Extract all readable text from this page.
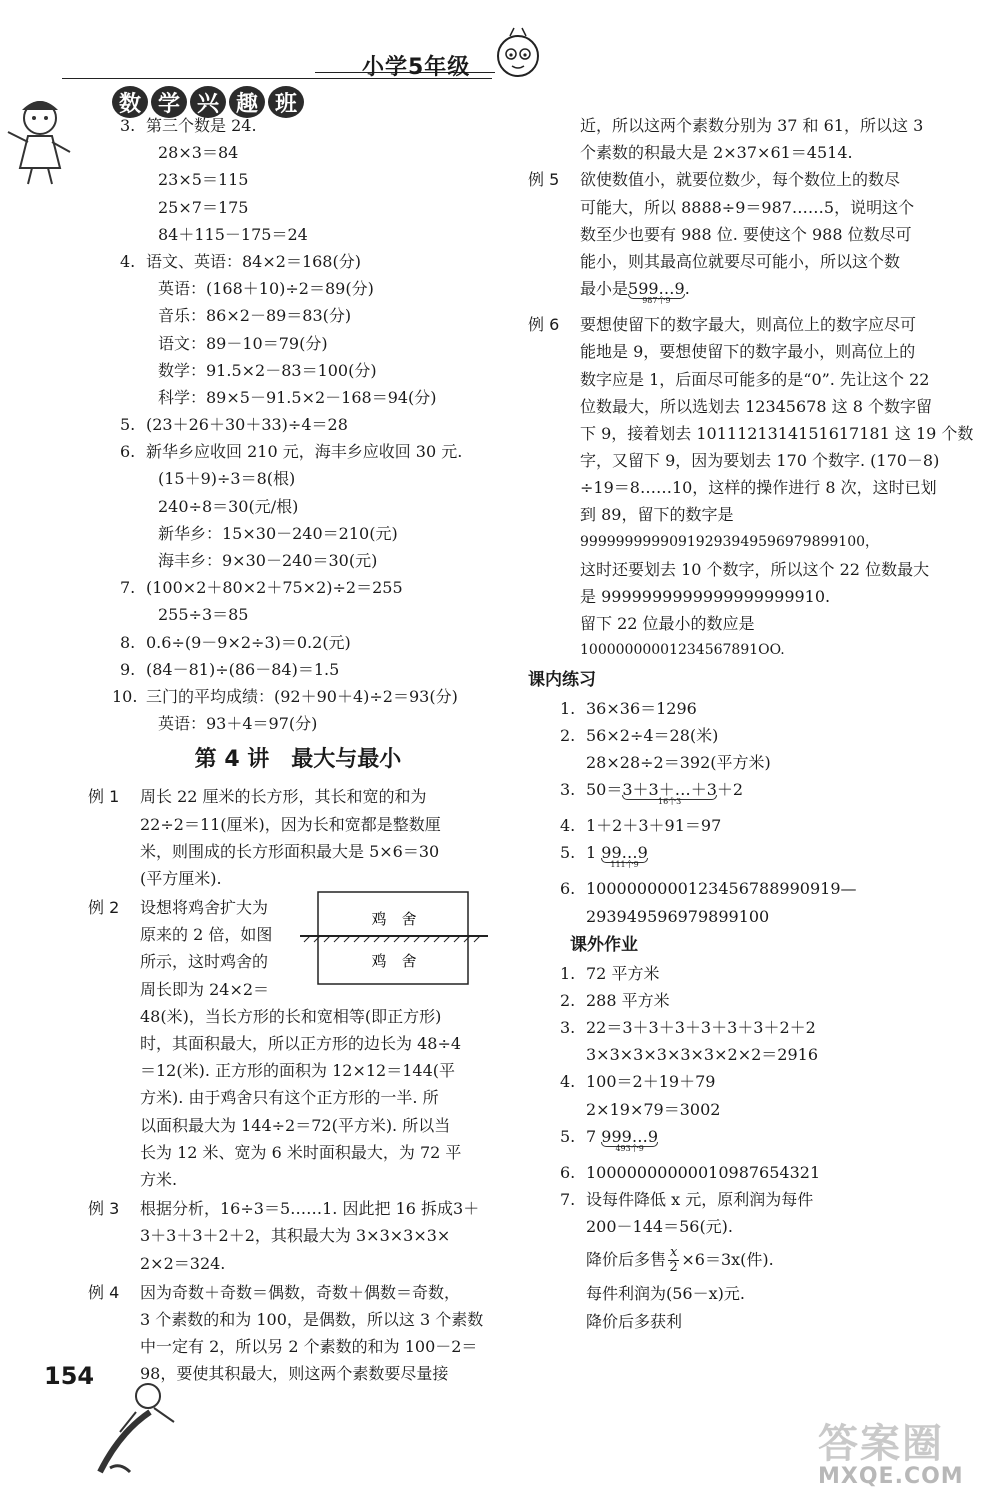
小学5年级
数 学 兴 趣 班
3. 第三个数是 24.
28×3＝84
23×5＝115
25×7＝175
84＋115－175＝24
4. 语文、英语：84×2＝168(分)
英语：(168＋10)÷2＝89(分)
音乐：86×2－89＝83(分)
语文：89－10＝79(分)
数学：91.5×2－83＝100(分)
科学：89×5－91.5×2－168＝94(分)
5. (23＋26＋30＋33)÷4＝28
6. 新华乡应收回 210 元，海丰乡应收回 30 元.
(15＋9)÷3＝8(根)
240÷8＝30(元/根)
新华乡：15×30－240＝210(元)
海丰乡：9×30－240＝30(元)
7. (100×2＋80×2＋75×2)÷2＝255
255÷3＝85
8. 0.6÷(9－9×2÷3)＝0.2(元)
9. (84－81)÷(86－84)＝1.5
10. 三门的平均成绩：(92＋90＋4)÷2＝93(分)
英语：93＋4＝97(分)
第 4 讲　最大与最小
例 1 周长 22 厘米的长方形，其长和宽的和为
22÷2＝11(厘米)，因为长和宽都是整数厘
米，则围成的长方形面积最大是 5×6＝30
(平方厘米).
例 2 设想将鸡舍扩大为
原来的 2 倍，如图
所示，这时鸡舍的
周长即为 24×2＝
48(米)，当长方形的长和宽相等(即正方形)
时，其面积最大，所以正方形的边长为 48÷4
＝12(米). 正方形的面积为 12×12＝144(平
方米). 由于鸡舍只有这个正方形的一半. 所
以面积最大为 144÷2＝72(平方米). 所以当
长为 12 米、宽为 6 米时面积最大，为 72 平
方米.
例 3 根据分析，16÷3＝5……1. 因此把 16 拆成3＋
3＋3＋3＋2＋2，其积最大为 3×3×3×3×
2×2＝324.
例 4 因为奇数＋奇数＝偶数，奇数＋偶数＝奇数，
3 个素数的和为 100，是偶数，所以这 3 个素数
中一定有 2，所以另 2 个素数的和为 100－2＝
98，要使其积最大，则这两个素数要尽量接
鸡　舍
鸡　舍
近，所以这两个素数分别为 37 和 61，所以这 3
个素数的积最大是 2×37×61＝4514.
例 5 欲使数值小，就要位数少，每个数位上的数尽
可能大，所以 8888÷9＝987……5，说明这个
数至少也要有 988 位. 要使这个 988 位数尽可
能小，则其最高位就要尽可能小，所以这个数
最小是599…9
987个9
.
例 6 要想使留下的数字最大，则高位上的数字应尽可
能地是 9，要想使留下的数字最小，则高位上的
数字应是 1，后面尽可能多的是“0”. 先让这个 22
位数最大，所以选划去 12345678 这 8 个数字留
下 9，接着划去 1011121314151617181 这 19 个数
字，又留下 9，因为要划去 170 个数字. (170－8)
÷19＝8……10，这样的操作进行 8 次，这时已划
到 89，留下的数字是
99999999990919293949596979899100，
这时还要划去 10 个数字，所以这个 22 位数最大
是 9999999999999999999910.
留下 22 位最小的数应是
10000000001234567891OO.
课内练习
1. 36×36＝1296
2. 56×2÷4＝28(米)
28×28÷2＝392(平方米)
3. 50＝3＋3＋…＋3
16个3
＋2
4. 1＋2＋3＋91＝97
5. 1 99…9
111个9
6. 1000000000123456788990919—
293949596979899100
课外作业
1. 72 平方米
2. 288 平方米
3. 22＝3＋3＋3＋3＋3＋3＋2＋2
3×3×3×3×3×3×2×2＝2916
4. 100＝2＋19＋79
2×19×79＝3002
5. 7 999…9
493个9
6. 10000000000010987654321
7. 设每件降低 x 元，原利润为每件
200－144＝56(元).
降价后多售 $\frac{x}{2} \times 6=3x$(件).
每件利润为(56－x)元.
降价后多获利
154
答案圈
MXQE.COM
